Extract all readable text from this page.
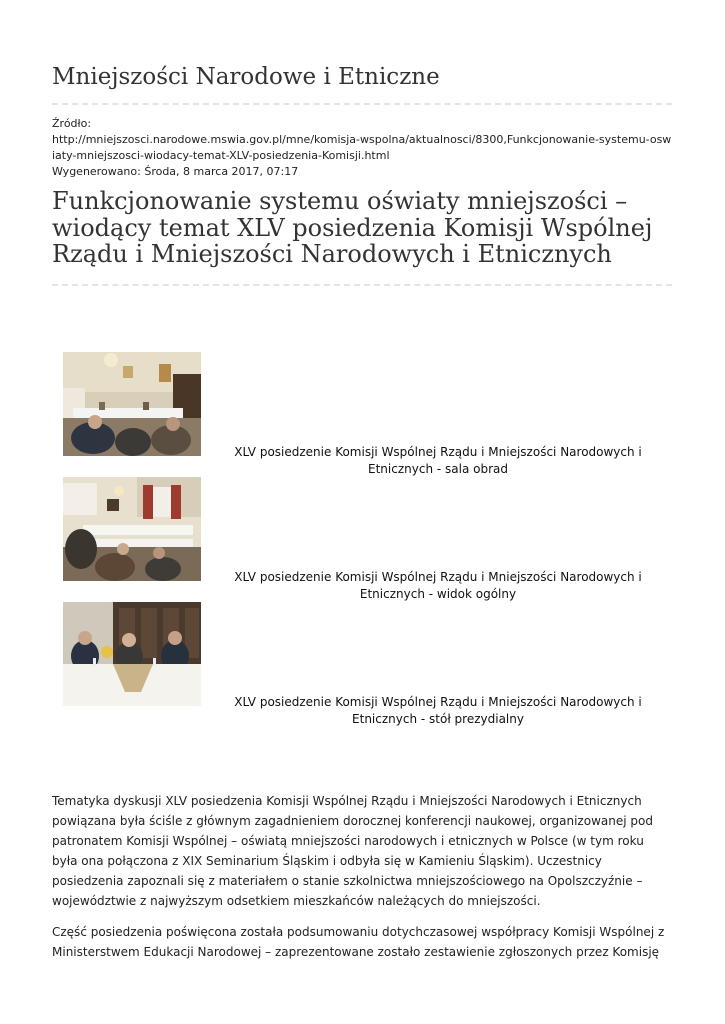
Mniejszości Narodowe i Etniczne
Źródło:
http://mniejszosci.narodowe.mswia.gov.pl/mne/komisja-wspolna/aktualnosci/8300,Funkcjonowanie-systemu-oswiaty-mniejszosci-wiodacy-temat-XLV-posiedzenia-Komisji.html
Wygenerowano: Środa, 8 marca 2017, 07:17
Funkcjonowanie systemu oświaty mniejszości – wiodący temat XLV posiedzenia Komisji Wspólnej Rządu i Mniejszości Narodowych i Etnicznych
XLV posiedzenie Komisji Wspólnej Rządu i Mniejszości Narodowych i Etnicznych - sala obrad
XLV posiedzenie Komisji Wspólnej Rządu i Mniejszości Narodowych i Etnicznych - widok ogólny
XLV posiedzenie Komisji Wspólnej Rządu i Mniejszości Narodowych i Etnicznych - stół prezydialny

Tematyka dyskusji XLV posiedzenia Komisji Wspólnej Rządu i Mniejszości Narodowych i Etnicznych powiązana była ściśle z głównym zagadnieniem dorocznej konferencji naukowej, organizowanej pod patronatem Komisji Wspólnej – oświatą mniejszości narodowych i etnicznych w Polsce (w tym roku była ona połączona z XIX Seminarium Śląskim i odbyła się w Kamieniu Śląskim). Uczestnicy posiedzenia zapoznali się z materiałem o stanie szkolnictwa mniejszościowego na Opolszczyźnie – województwie z najwyższym odsetkiem mieszkańców należących do mniejszości.

Część posiedzenia poświęcona została podsumowaniu dotychczasowej współpracy Komisji Wspólnej z Ministerstwem Edukacji Narodowej – zaprezentowane zostało zestawienie zgłoszonych przez Komisję
